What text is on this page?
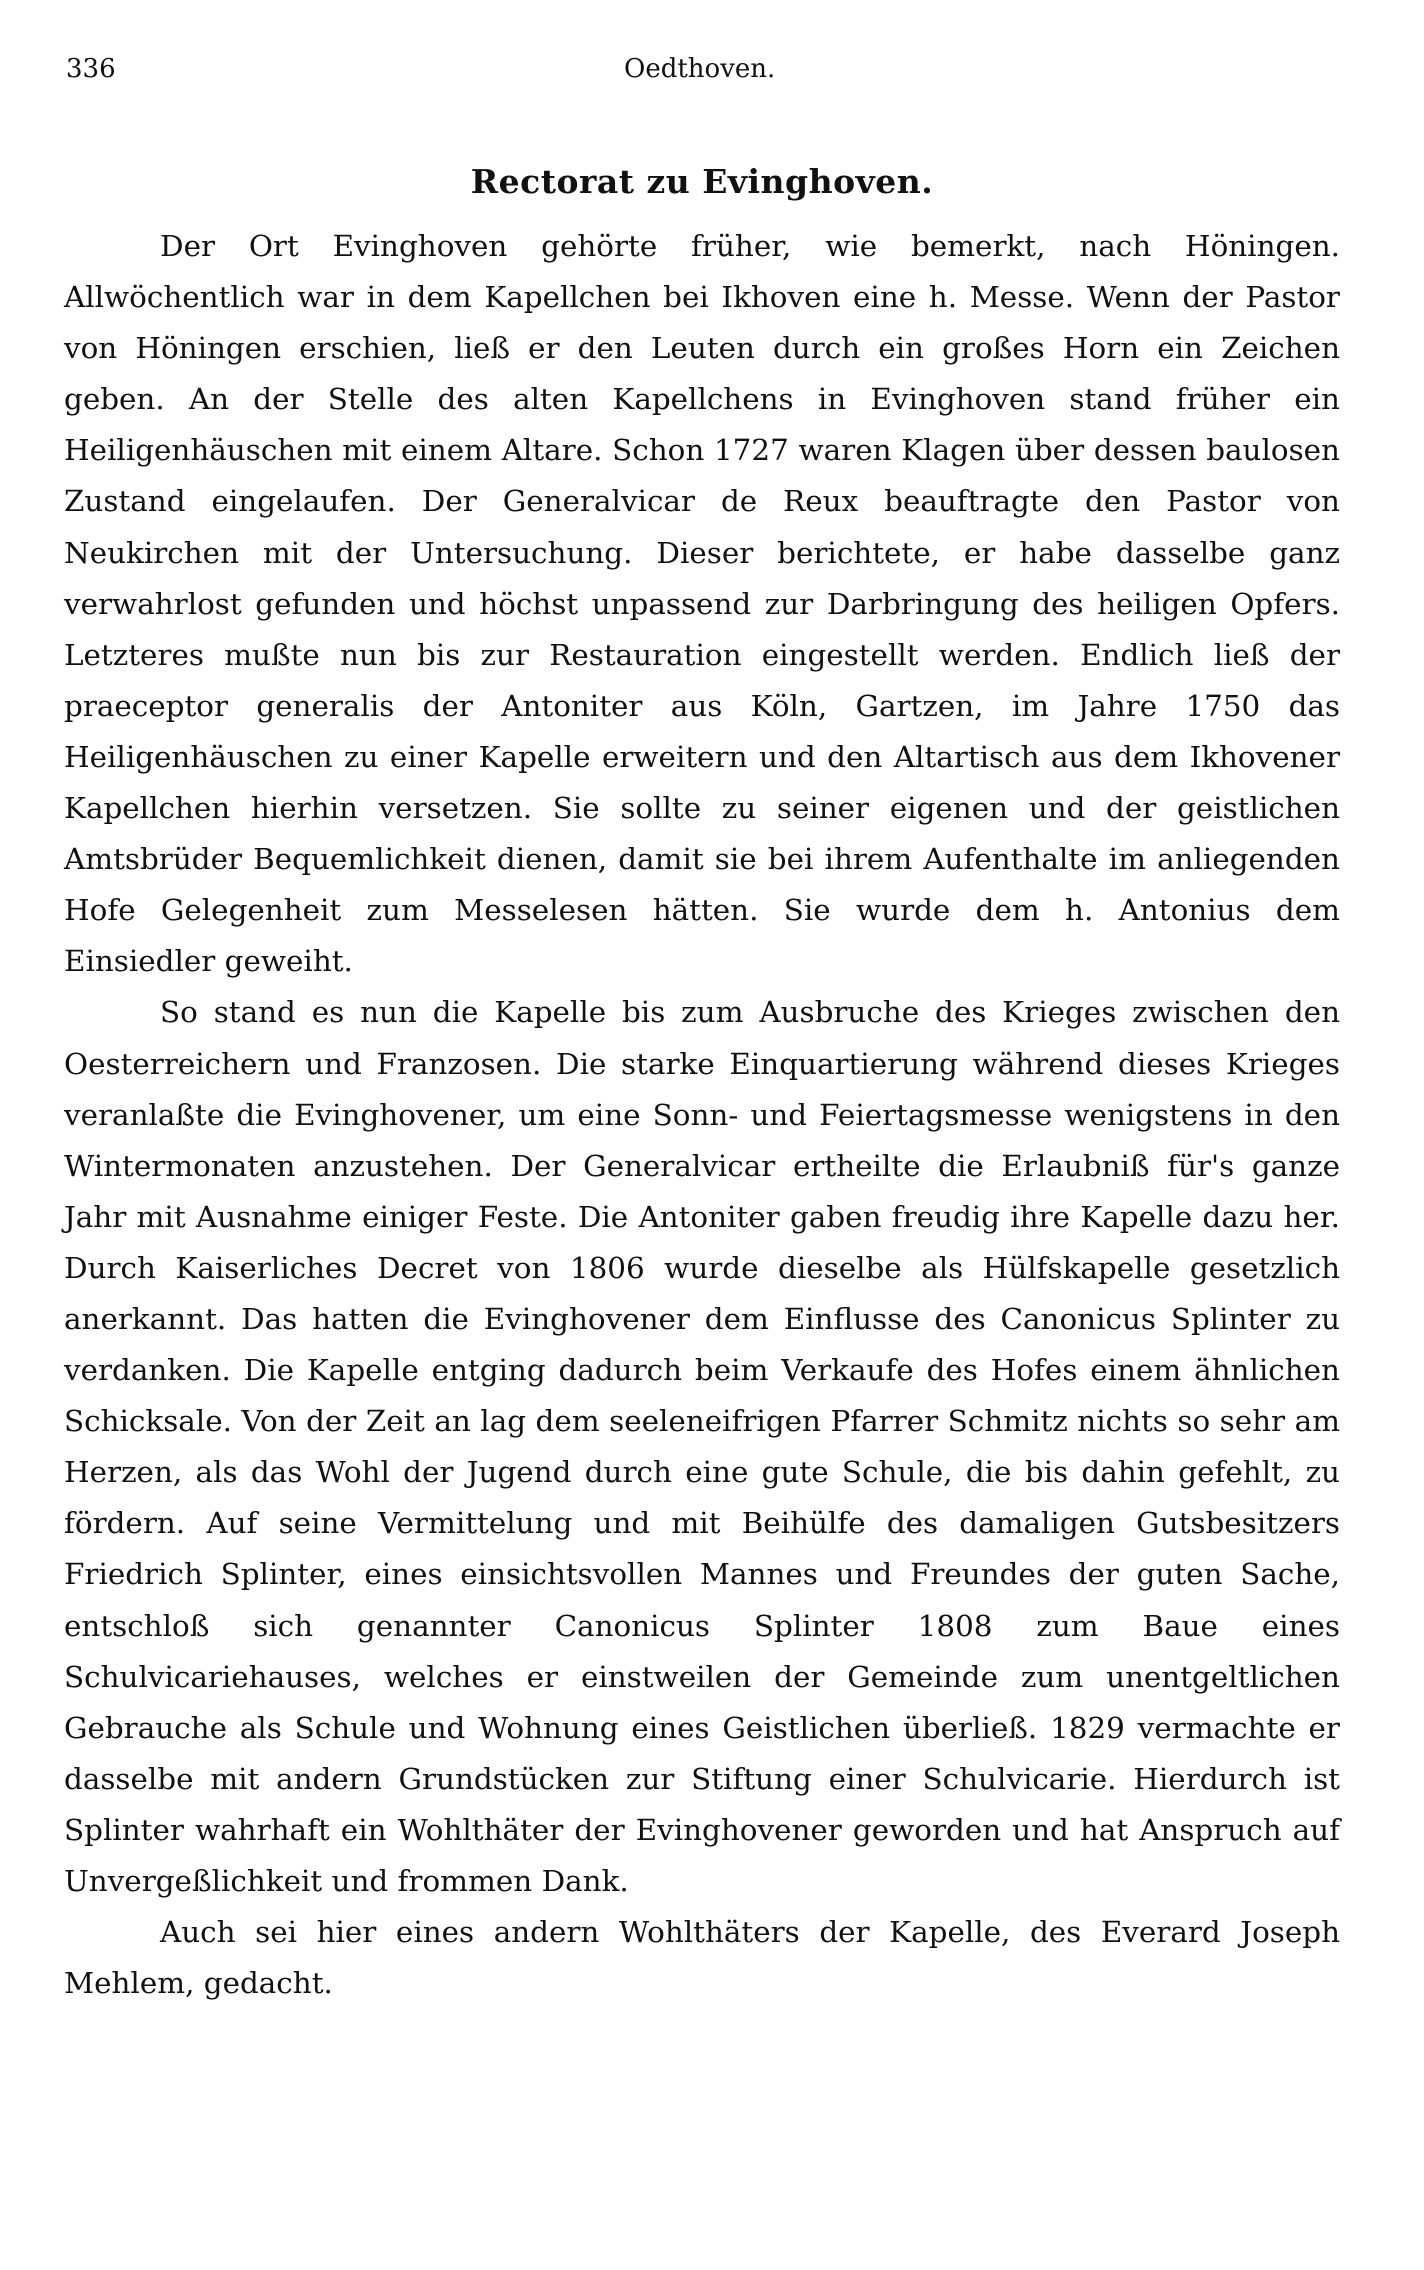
336	Oedthoven.
Rectorat zu Evinghoven.

Der Ort Evinghoven gehörte früher, wie bemerkt, nach Höningen. Allwöchentlich war in dem Kapellchen bei Ikhoven eine h. Messe. Wenn der Pastor von Höningen erschien, ließ er den Leuten durch ein großes Horn ein Zeichen geben. An der Stelle des alten Kapellchens in Evinghoven stand früher ein Heiligenhäuschen mit einem Altare. Schon 1727 waren Klagen über dessen baulosen Zustand eingelaufen. Der Generalvicar de Reux beauftragte den Pastor von Neukirchen mit der Untersuchung. Dieser berichtete, er habe dasselbe ganz verwahrlost gefunden und höchst unpassend zur Darbringung des heiligen Opfers. Letzteres mußte nun bis zur Restauration eingestellt werden. Endlich ließ der praeceptor generalis der Antoniter aus Köln, Gartzen, im Jahre 1750 das Heiligenhäuschen zu einer Kapelle erweitern und den Altartisch aus dem Ikhovener Kapellchen hierhin versetzen. Sie sollte zu seiner eigenen und der geistlichen Amtsbrüder Bequemlichkeit dienen, damit sie bei ihrem Aufenthalte im anliegenden Hofe Gelegenheit zum Messelesen hätten. Sie wurde dem h. Antonius dem Einsiedler geweiht.

So stand es nun die Kapelle bis zum Ausbruche des Krieges zwischen den Oesterreichern und Franzosen. Die starke Einquartierung während dieses Krieges veranlaßte die Evinghovener, um eine Sonn- und Feiertagsmesse wenigstens in den Wintermonaten anzustehen. Der Generalvicar ertheilte die Erlaubniß für's ganze Jahr mit Ausnahme einiger Feste. Die Antoniter gaben freudig ihre Kapelle dazu her. Durch Kaiserliches Decret von 1806 wurde dieselbe als Hülfskapelle gesetzlich anerkannt. Das hatten die Evinghovener dem Einflusse des Canonicus Splinter zu verdanken. Die Kapelle entging dadurch beim Verkaufe des Hofes einem ähnlichen Schicksale. Von der Zeit an lag dem seeleneifrigen Pfarrer Schmitz nichts so sehr am Herzen, als das Wohl der Jugend durch eine gute Schule, die bis dahin gefehlt, zu fördern. Auf seine Vermittelung und mit Beihülfe des damaligen Gutsbesitzers Friedrich Splinter, eines einsichtsvollen Mannes und Freundes der guten Sache, entschloß sich genannter Canonicus Splinter 1808 zum Baue eines Schulvicariehauses, welches er einstweilen der Gemeinde zum unentgeltlichen Gebrauche als Schule und Wohnung eines Geistlichen überließ. 1829 vermachte er dasselbe mit andern Grundstücken zur Stiftung einer Schulvicarie. Hierdurch ist Splinter wahrhaft ein Wohlthäter der Evinghovener geworden und hat Anspruch auf Unvergeßlichkeit und frommen Dank.

Auch sei hier eines andern Wohlthäters der Kapelle, des Everard Joseph Mehlem, gedacht.
